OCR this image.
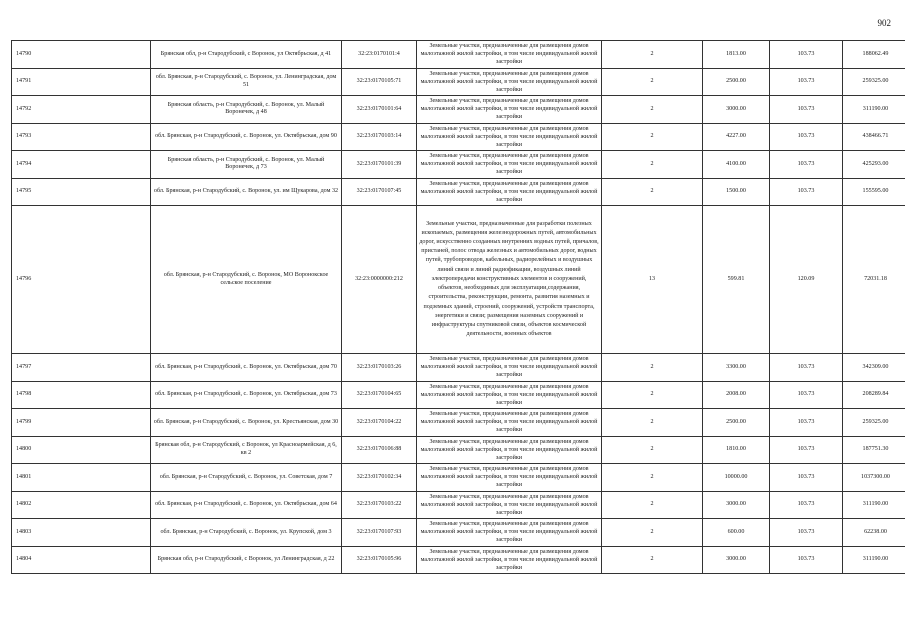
902
14790	Брянская обл, р-н Стародубский, с Воронок, ул Октябрьская, д 41	32:23:0170101:4	Земельные участки, предназначенные для размещения домов малоэтажной жилой застройки, в том числе индивидуальной жилой застройки	2	1813.00	103.73	188062.49
14791	обл. Брянская, р-н Стародубский, с. Воронок, ул. Ленинградская, дом 51	32:23:0170105:71	Земельные участки, предназначенные для размещения домов малоэтажной жилой застройки, в том числе индивидуальной жилой застройки	2	2500.00	103.73	259325.00
14792	Брянская область, р-н Стародубский, с. Воронок, ул. Малый Воронечек, д 48	32:23:0170101:64	Земельные участки, предназначенные для размещения домов малоэтажной жилой застройки, в том числе индивидуальной жилой застройки	2	3000.00	103.73	311190.00
14793	обл. Брянская, р-н Стародубский, с. Воронок, ул. Октябрьская, дом 90	32:23:0170103:14	Земельные участки, предназначенные для размещения домов малоэтажной жилой застройки, в том числе индивидуальной жилой застройки	2	4227.00	103.73	438466.71
14794	Брянская область, р-н Стародубский, с. Воронок, ул. Малый Воронечек, д 73	32:23:0170101:39	Земельные участки, предназначенные для размещения домов малоэтажной жилой застройки, в том числе индивидуальной жилой застройки	2	4100.00	103.73	425293.00
14795	обл. Брянская, р-н Стародубский, с. Воронок, ул. им Щукарова, дом 32	32:23:0170107:45	Земельные участки, предназначенные для размещения домов малоэтажной жилой застройки, в том числе индивидуальной жилой застройки	2	1500.00	103.73	155595.00
14796	обл. Брянская, р-н Стародубский, с. Воронок, МО Воронокское сельское поселение	32:23:0000000:212	Земельные участки, предназначенные для разработки полезных ископаемых, размещения железнодорожных путей, автомобильных дорог, искусственно созданных внутренних водных путей, причалов, пристаней, полос отвода железных и автомобильных дорог, водных путей, трубопроводов, кабельных, радиорелейных и воздушных линий связи и линий радиофикации, воздушных линий электропередачи конструктивных элементов и сооружений, объектов, необходимых для эксплуатации,содержания, строительства, реконструкции, ремонта, развития наземных и подземных зданий, строений, сооружений, устройств транспорта, энергетики и связи; размещения наземных сооружений и инфраструктуры спутниковой связи, объектов космической деятельности, военных объектов	13	599.81	120.09	72031.18
14797	обл. Брянская, р-н Стародубский, с. Воронок, ул. Октябрьская, дом 70	32:23:0170103:26	Земельные участки, предназначенные для размещения домов малоэтажной жилой застройки, в том числе индивидуальной жилой застройки	2	3300.00	103.73	342309.00
14798	обл. Брянская, р-н Стародубский, с. Воронок, ул. Октябрьская, дом 73	32:23:0170104:65	Земельные участки, предназначенные для размещения домов малоэтажной жилой застройки, в том числе индивидуальной жилой застройки	2	2008.00	103.73	208289.84
14799	обл. Брянская, р-н Стародубский, с. Воронок, ул. Крестьянская, дом 30	32:23:0170104:22	Земельные участки, предназначенные для размещения домов малоэтажной жилой застройки, в том числе индивидуальной жилой застройки	2	2500.00	103.73	259325.00
14800	Брянская обл, р-н Стародубский, с Воронок, ул Красноармейская, д 6, кв 2	32:23:0170106:88	Земельные участки, предназначенные для размещения домов малоэтажной жилой застройки, в том числе индивидуальной жилой застройки	2	1810.00	103.73	187751.30
14801	обл. Брянская, р-н Стародубский, с. Воронок, ул. Советская, дом 7	32:23:0170102:34	Земельные участки, предназначенные для размещения домов малоэтажной жилой застройки, в том числе индивидуальной жилой застройки	2	10000.00	103.73	1037300.00
14802	обл. Брянская, р-н Стародубский, с. Воронок, ул. Октябрьская, дом 64	32:23:0170103:22	Земельные участки, предназначенные для размещения домов малоэтажной жилой застройки, в том числе индивидуальной жилой застройки	2	3000.00	103.73	311190.00
14803	обл. Брянская, р-н Стародубский, с. Воронок, ул. Крупской, дом 3	32:23:0170107:93	Земельные участки, предназначенные для размещения домов малоэтажной жилой застройки, в том числе индивидуальной жилой застройки	2	600.00	103.73	62238.00
14804	Брянская обл, р-н Стародубский, с Воронок, ул Ленинградская, д 22	32:23:0170105:96	Земельные участки, предназначенные для размещения домов малоэтажной жилой застройки, в том числе индивидуальной жилой застройки	2	3000.00	103.73	311190.00
